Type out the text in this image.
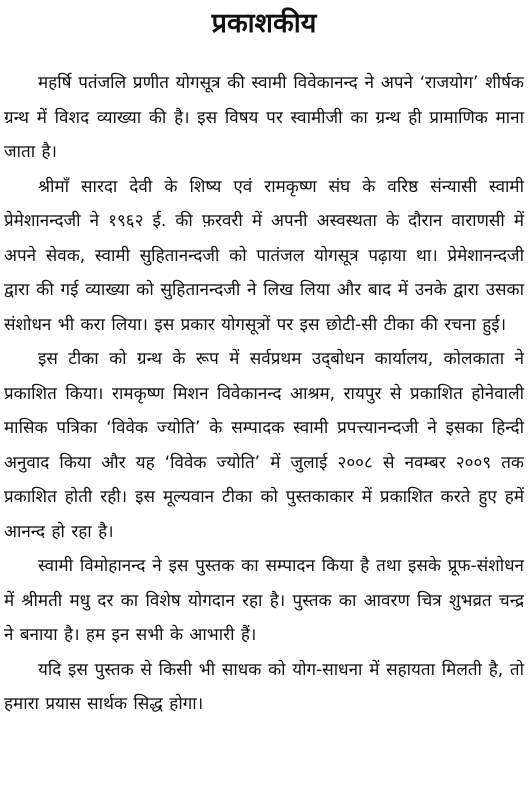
प्रकाशकीय

महर्षि पतंजलि प्रणीत योगसूत्र की स्वामी विवेकानन्द ने अपने ‘राजयोग’ शीर्षक ग्रन्थ में विशद व्याख्या की है। इस विषय पर स्वामीजी का ग्रन्थ ही प्रामाणिक माना जाता है।

श्रीमाँ सारदा देवी के शिष्य एवं रामकृष्ण संघ के वरिष्ठ संन्यासी स्वामी प्रेमेशानन्दजी ने १९६२ ई. की फ़रवरी में अपनी अस्वस्थता के दौरान वाराणसी में अपने सेवक, स्वामी सुहितानन्दजी को पातंजल योगसूत्र पढ़ाया था। प्रेमेशानन्दजी द्वारा की गई व्याख्या को सुहितानन्दजी ने लिख लिया और बाद में उनके द्वारा उसका संशोधन भी करा लिया। इस प्रकार योगसूत्रों पर इस छोटी-सी टीका की रचना हुई।

इस टीका को ग्रन्थ के रूप में सर्वप्रथम उद्‌बोधन कार्यालय, कोलकाता ने प्रकाशित किया। रामकृष्ण मिशन विवेकानन्द आश्रम, रायपुर से प्रकाशित होनेवाली मासिक पत्रिका ‘विवेक ज्योति’ के सम्पादक स्वामी प्रपत्त्यानन्दजी ने इसका हिन्दी अनुवाद किया और यह ‘विवेक ज्योति’ में जुलाई २००८ से नवम्बर २००९ तक प्रकाशित होती रही। इस मूल्यवान टीका को पुस्तकाकार में प्रकाशित करते हुए हमें आनन्द हो रहा है।

स्वामी विमोहानन्द ने इस पुस्तक का सम्पादन किया है तथा इसके प्रूफ-संशोधन में श्रीमती मधु दर का विशेष योगदान रहा है। पुस्तक का आवरण चित्र शुभव्रत चन्द्र ने बनाया है। हम इन सभी के आभारी हैं।

यदि इस पुस्तक से किसी भी साधक को योग-साधना में सहायता मिलती है, तो हमारा प्रयास सार्थक सिद्ध होगा।
